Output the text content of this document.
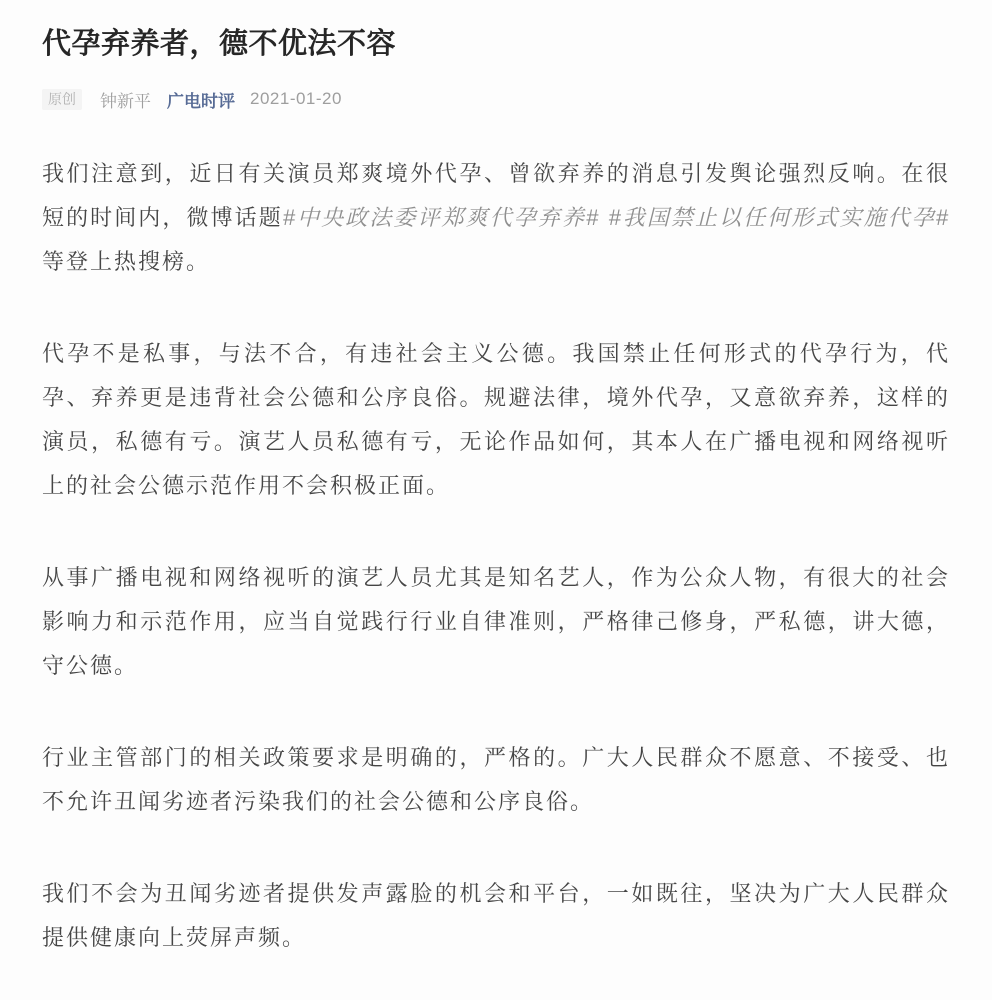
代孕弃养者，德不优法不容
原创	钟新平 广电时评 2021-01-20

我们注意到，近日有关演员郑爽境外代孕、曾欲弃养的消息引发舆论强烈反响。在很短的时间内，微博话题#中央政法委评郑爽代孕弃养# #我国禁止以任何形式实施代孕#等登上热搜榜。

代孕不是私事，与法不合，有违社会主义公德。我国禁止任何形式的代孕行为，代孕、弃养更是违背社会公德和公序良俗。规避法律，境外代孕，又意欲弃养，这样的演员，私德有亏。演艺人员私德有亏，无论作品如何，其本人在广播电视和网络视听上的社会公德示范作用不会积极正面。

从事广播电视和网络视听的演艺人员尤其是知名艺人，作为公众人物，有很大的社会影响力和示范作用，应当自觉践行行业自律准则，严格律己修身，严私德，讲大德，守公德。

行业主管部门的相关政策要求是明确的，严格的。广大人民群众不愿意、不接受、也不允许丑闻劣迹者污染我们的社会公德和公序良俗。

我们不会为丑闻劣迹者提供发声露脸的机会和平台，一如既往，坚决为广大人民群众提供健康向上荧屏声频。
